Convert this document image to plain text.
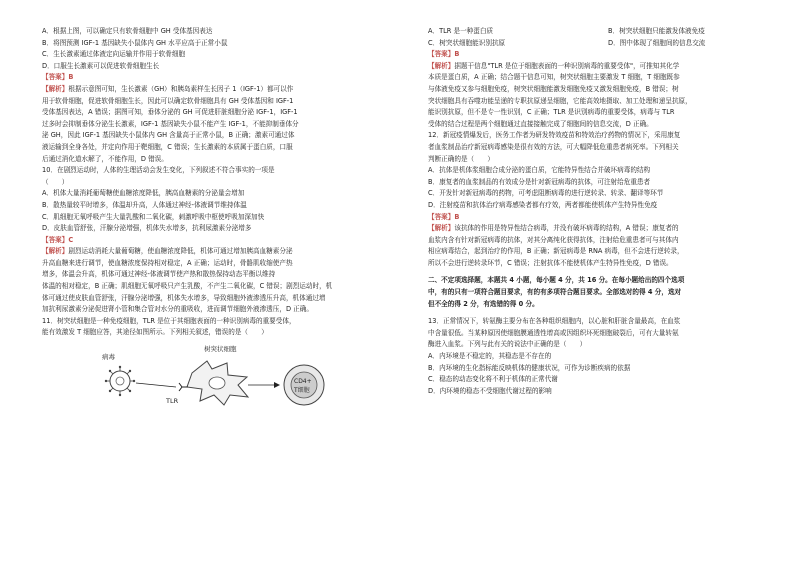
A．根据上图，可以确定只有软骨细胞中 GH 受体基因表达

B．将图预测 IGF-1 基因缺失小鼠体内 GH 水平应高于正常小鼠

C．生长激素通过体液定向运输并作用于软骨细胞

D．口服生长激素可以促进软骨细胞生长

【答案】B

【解析】根据示意图可知，生长激素（GH）和胰岛素样生长因子 1（IGF-1）都可以作

用于软骨细胞，促进软骨细胞生长，因此可以确定软骨细胞具有 GH 受体基因和 IGF-1

受体基因表达，A 错误；据图可知，垂体分泌的 GH 可促进肝脏细胞分泌 IGF-1，IGF-1

过多时会抑制垂体分泌生长激素，IGF-1 基因缺失小鼠不能产生 IGF-1，不能抑制垂体分

泌 GH，因此 IGF-1 基因缺失小鼠体内 GH 含量高于正常小鼠，B 正确；激素可通过体

液运输到全身各处，并定向作用于靶细胞，C 错误；生长激素的本质属于蛋白质，口服

后通过消化道水解了，不能作用，D 错误。

10．在剧烈运动时，人体的生理活动会发生变化，下列叙述不符合事实的一项是

（　　）

A．机体大量消耗葡萄糖使血糖浓度降低，胰高血糖素的分泌量会增加

B．散热量较平时增多，体温却升高，人体通过神经-体液调节维持体温

C．肌细胞无氧呼吸产生大量乳酸和二氧化碳，刺激呼吸中枢使呼吸加深加快

D．皮肤血管舒张，汗腺分泌增强，机体失水增多，抗利尿激素分泌增多

【答案】C

【解析】剧烈运动消耗大量葡萄糖，使血糖浓度降低，机体可通过增加胰高血糖素分泌

升高血糖来进行调节，使血糖浓度保持相对稳定，A 正确；运动时，骨骼肌收缩使产热

增多，体温会升高，机体可通过神经-体液调节使产热和散热保持动态平衡以维持

体温的相对稳定，B 正确；肌细胞无氧呼吸只产生乳酸，不产生二氧化碳，C 错误；剧烈运动时，机

体可通过使皮肤血管舒张，汗腺分泌增强，机体失水增多，导致细胞外液渗透压升高，机体通过增

加抗利尿激素分泌促进肾小管和集合管对水分的重吸收，进而调节细胞外液渗透压，D 正确。

11．树突状细胞是一种免疫细胞，TLR 是位于其细胞表面的一种识别病毒的重要受体，

能有效激发 T 细胞应答，其途径如图所示。下列相关叙述，错误的是（　　）

病毒
树突状细胞
TLR
CD4+
T细胞
A．TLR 是一种蛋白质	B．树突状细胞只能激发体液免疫
C．树突状细胞能识别抗原	D．图中体现了细胞间的信息交流

【答案】B

【解析】据题干信息"TLR 是位于细胞表面的一种识别病毒的重要受体"，可推知其化学

本质是蛋白质，A 正确；结合题干信息可知，树突状细胞主要激发 T 细胞，T 细胞既参

与体液免疫又参与细胞免疫，树突状细胞能激发细胞免疫又激发细胞免疫，B 错误；树

突状细胞具有吞噬功能呈递的专职抗原递呈细胞，它能高效地摄取、加工处理和递呈抗原，

能识别抗原，但不是专一性识别，C 正确；TLR 是识别病毒的重要受体，病毒与 TLR

受体的结合过程是两个细胞通过直接接触完成了细胞间的信息交流，D 正确。

12．新冠疫情爆发后，医务工作者为研发特效疫苗和特效治疗药物的情况下，采用康复

者血浆制品治疗新冠病毒感染是很有效的方法，可大幅降低危重患者病死率。下列相关

判断正确的是（　　）

A．抗体是机体浆细胞合成分泌的蛋白质，它能特异性结合并破坏病毒的结构

B．康复者的血浆制品的有效成分是针对新冠病毒的抗体，可注射给危重患者

C．开发针对新冠病毒的药物，可考虑阻断病毒的进行逆转录、转录、翻译等环节

D．注射疫苗和抗体治疗病毒感染者都有疗效，两者都能使机体产生特异性免疫

【答案】B

【解析】该抗体的作用是特异性结合病毒，并没有破坏病毒的结构，A 错误；康复者的

血浆内含有针对新冠病毒的抗体，对其分离纯化获得抗体，注射给危重患者可与其体内

相应病毒结合，起到治疗的作用，B 正确；新冠病毒是 RNA 病毒，但不会进行逆转录，

所以不会进行逆转录环节，C 错误；注射抗体不能使机体产生特异性免疫，D 错误。

二、不定项选择题，本题共 4 小题，每小题 4 分，共 16 分。在每小题给出的四个选项

中，有的只有一项符合题目要求，有的有多项符合题目要求。全部选对的得 4 分，选对

但不全的得 2 分，有选错的得 0 分。

13．正常情况下，转氨酶主要分布在各种组织细胞内，以心脏和肝脏含量最高，在血浆

中含量很低。当某种原因使细胞膜通透性增高或因组织坏死细胞破裂后，可有大量转氨

酶进入血浆。下列与此有关的说法中正确的是（　　）

A．内环境是不稳定的，其稳态是不存在的

B．内环境的生化指标能反映机体的健康状况，可作为诊断疾病的依据

C．稳态的动态变化将不利于机体的正常代谢

D．内环境的稳态不受细胞代谢过程的影响
